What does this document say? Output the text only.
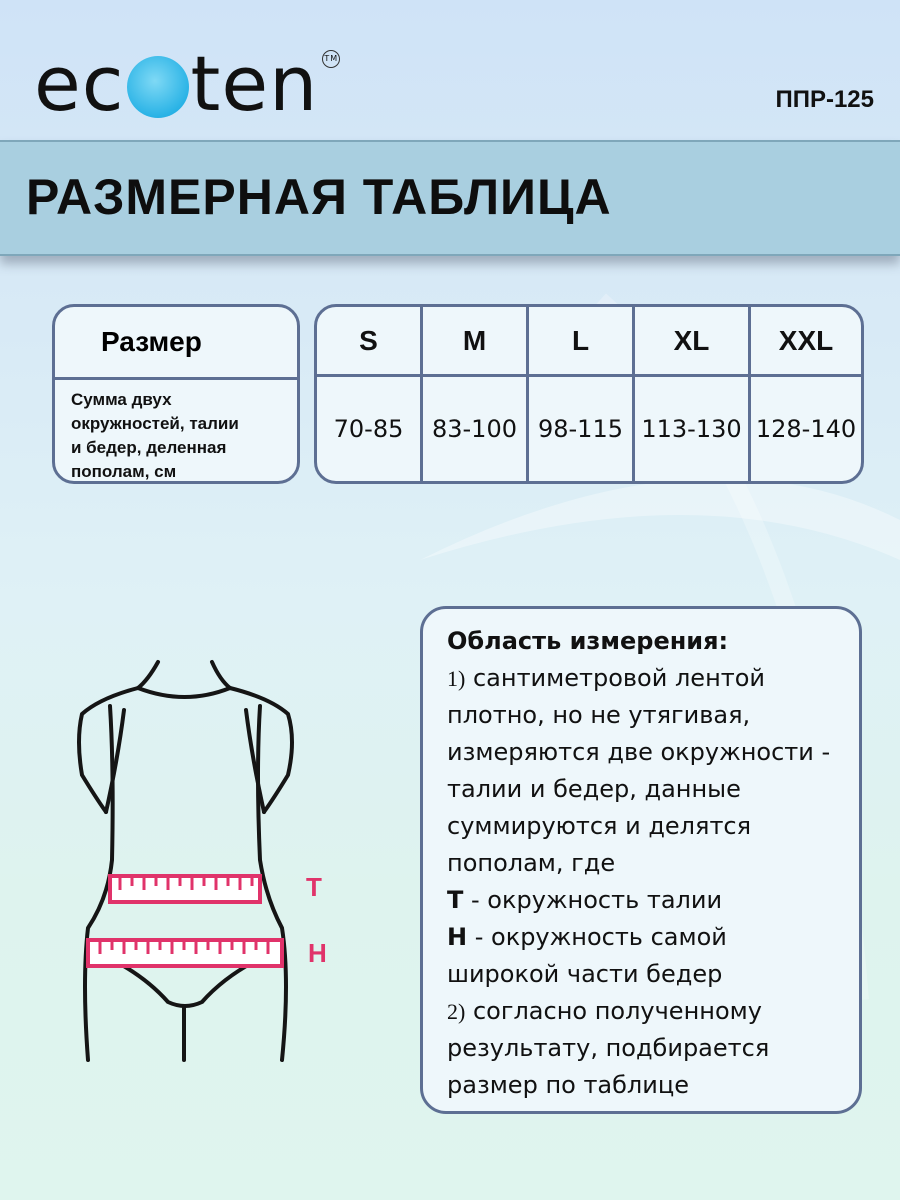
ec ten TM
ППР-125
РАЗМЕРНАЯ ТАБЛИЦА
Размер
Сумма двух
окружностей, талии
и бедер, деленная
пополам, см
S	M	L	XL	XXL
70-85	83-100 98-115 113-130 128-140
Т
Н
Область измерения:
1) сантиметровой лентой
плотно, но не утягивая,
измеряются две окружности -
талии и бедер, данные
суммируются и делятся
пополам, где
Т - окружность талии
Н - окружность самой
широкой части бедер
2) согласно полученному
результату, подбирается
размер по таблице
